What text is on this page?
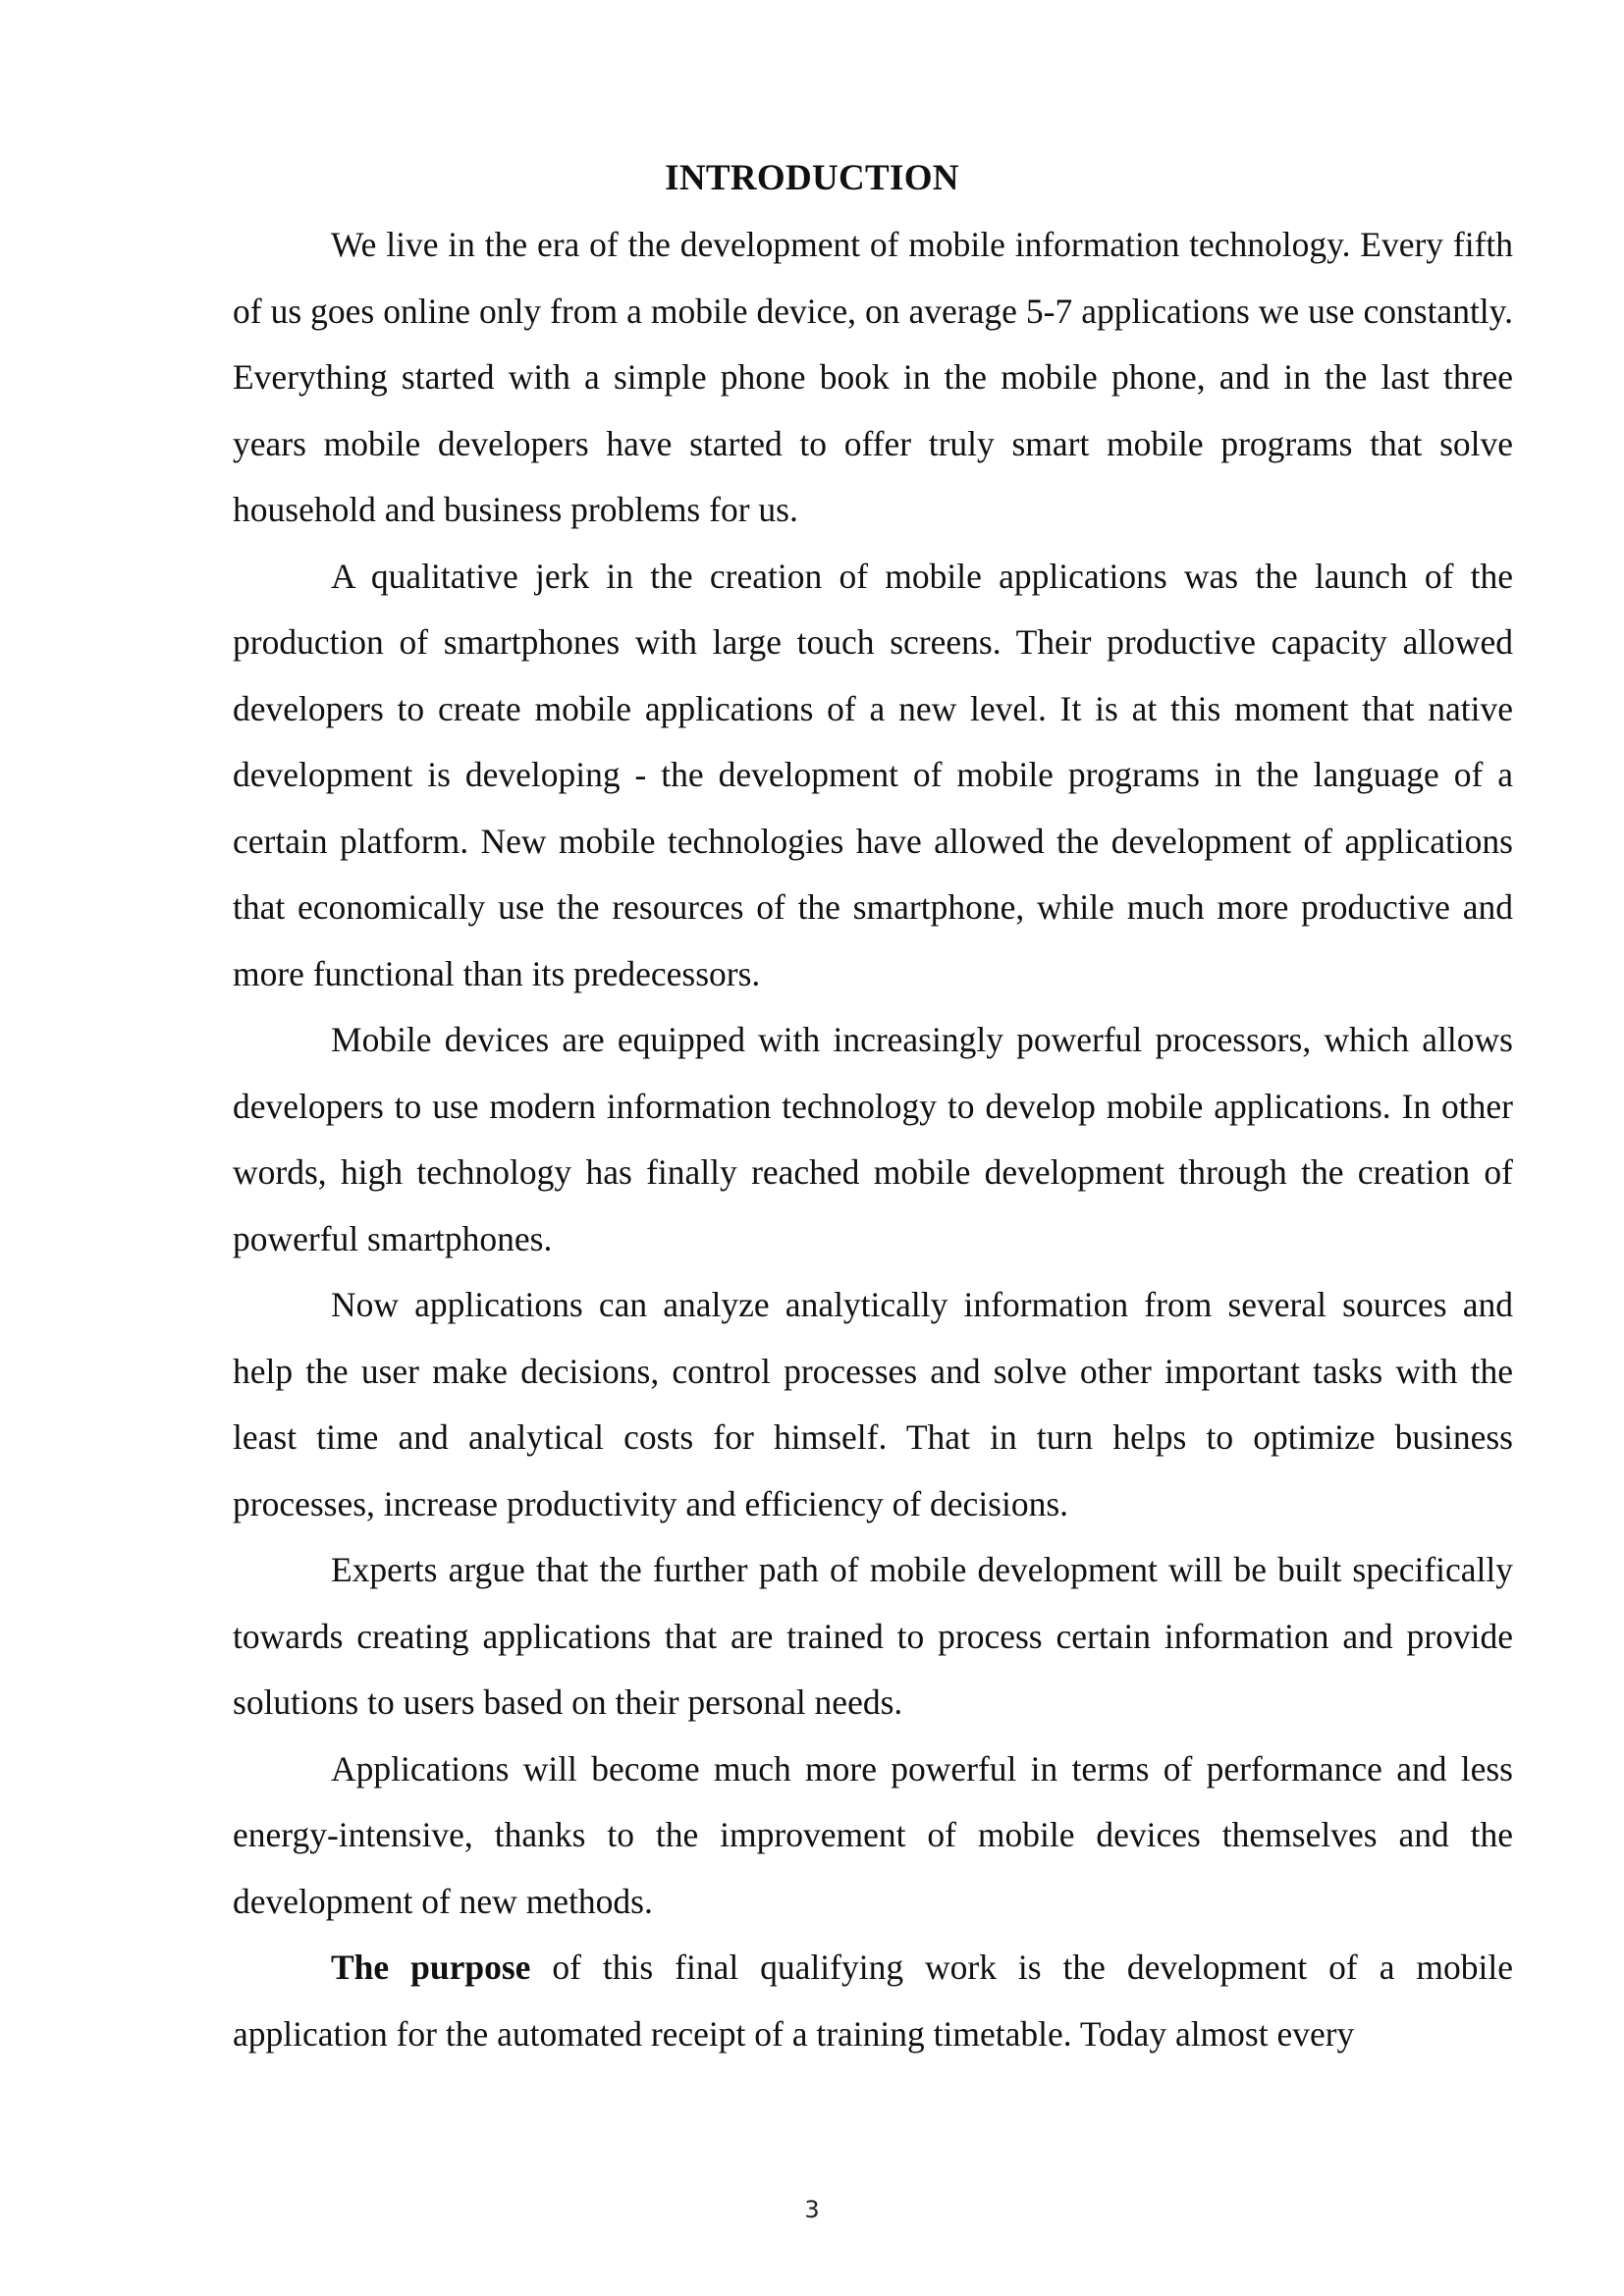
INTRODUCTION

We live in the era of the development of mobile information technology. Every fifth of us goes online only from a mobile device, on average 5-7 applications we use constantly. Everything started with a simple phone book in the mobile phone, and in the last three years mobile developers have started to offer truly smart mobile programs that solve household and business problems for us.

A qualitative jerk in the creation of mobile applications was the launch of the production of smartphones with large touch screens. Their productive capacity allowed developers to create mobile applications of a new level. It is at this moment that native development is developing - the development of mobile programs in the language of a certain platform. New mobile technologies have allowed the development of applications that economically use the resources of the smartphone, while much more productive and more functional than its predecessors.

Mobile devices are equipped with increasingly powerful processors, which allows developers to use modern information technology to develop mobile applications. In other words, high technology has finally reached mobile development through the creation of powerful smartphones.

Now applications can analyze analytically information from several sources and help the user make decisions, control processes and solve other important tasks with the least time and analytical costs for himself. That in turn helps to optimize business processes, increase productivity and efficiency of decisions.

Experts argue that the further path of mobile development will be built specifically towards creating applications that are trained to process certain information and provide solutions to users based on their personal needs.

Applications will become much more powerful in terms of performance and less energy-intensive, thanks to the improvement of mobile devices themselves and the development of new methods.

The purpose of this final qualifying work is the development of a mobile application for the automated receipt of a training timetable. Today almost every

3
